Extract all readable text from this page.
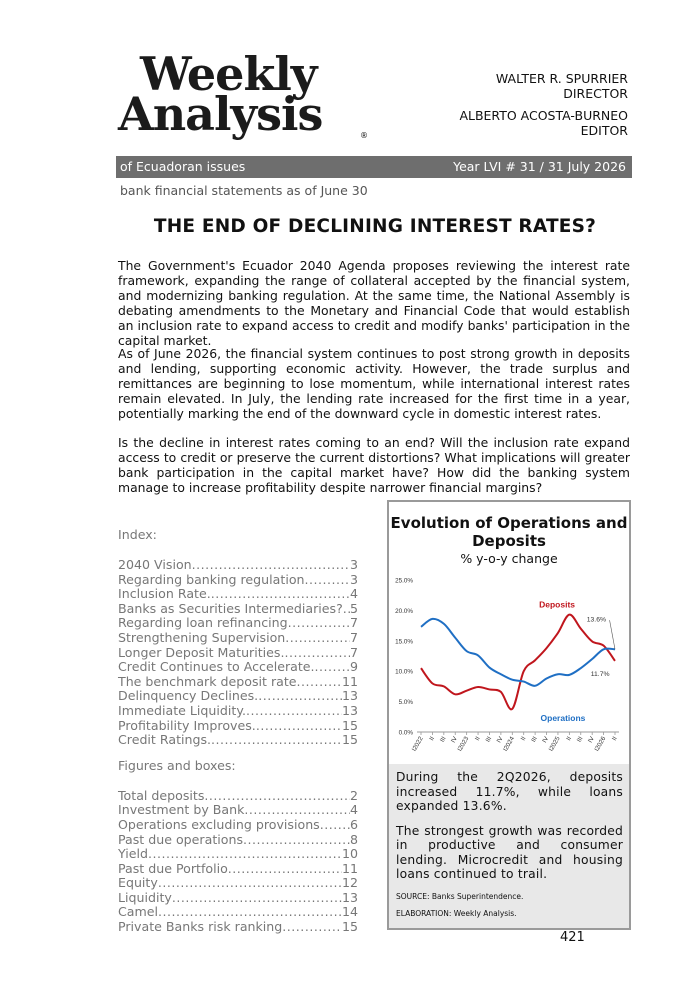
Weekly
Analysis	®
WALTER R. SPURRIER
DIRECTOR
ALBERTO ACOSTA-BURNEO
EDITOR
of Ecuadoran issues	Year LVI # 31 / 31 July 2026
bank financial statements as of June 30
THE END OF DECLINING INTEREST RATES?
The Government's Ecuador 2040 Agenda proposes reviewing the interest rate framework, expanding the range of collateral accepted by the financial system, and modernizing banking regulation. At the same time, the National Assembly is debating amendments to the Monetary and Financial Code that would establish an inclusion rate to expand access to credit and modify banks' participation in the capital market.
As of June 2026, the financial system continues to post strong growth in deposits and lending, supporting economic activity. However, the trade surplus and remittances are beginning to lose momentum, while international interest rates remain elevated. In July, the lending rate increased for the first time in a year, potentially marking the end of the downward cycle in domestic interest rates.
Is the decline in interest rates coming to an end? Will the inclusion rate expand access to credit or preserve the current distortions? What implications will greater bank participation in the capital market have? How did the banking system manage to increase profitability despite narrower financial margins?
Index:
2040 Vision .....	3
Regarding banking regulation .....	3
Inclusion Rate. .....	4
Banks as Securities Intermediaries? ..... 5
Regarding loan refinancing .....	7
Strengthening Supervision .....	7
Longer Deposit Maturities. .....	7
Credit Continues to Accelerate. .....	9
The benchmark deposit rate .....	11
Delinquency Declines. .....	13
Immediate Liquidity. .....	13
Profitability Improves. .....	15
Credit Ratings. .....	15
Figures and boxes:
Total deposits .....	2
Investment by Bank .....	4
Operations excluding provisions ..... 6
Past due operations .....	8
Yield .....	10
Past due Portfolio .....	11
Equity .....	12
Liquidity .....	13
Camel .....	14
Private Banks risk ranking .....	15
Evolution of Operations and Deposits
% y-o-y change
0.0%
5.0%
10.0%
15.0%
20.0%
25.0%
I2022 II III IV
I2023 II III IV
I2024 II III IV
I2025 II III IV
I2026 II
Deposits
Operations
13.6%
11.7%

During the 2Q2026, deposits increased 11.7%, while loans expanded 13.6%.

The strongest growth was recorded in productive and consumer lending. Microcredit and housing loans continued to trail.

SOURCE: Banks Superintendence.

ELABORATION: Weekly Analysis.

421
